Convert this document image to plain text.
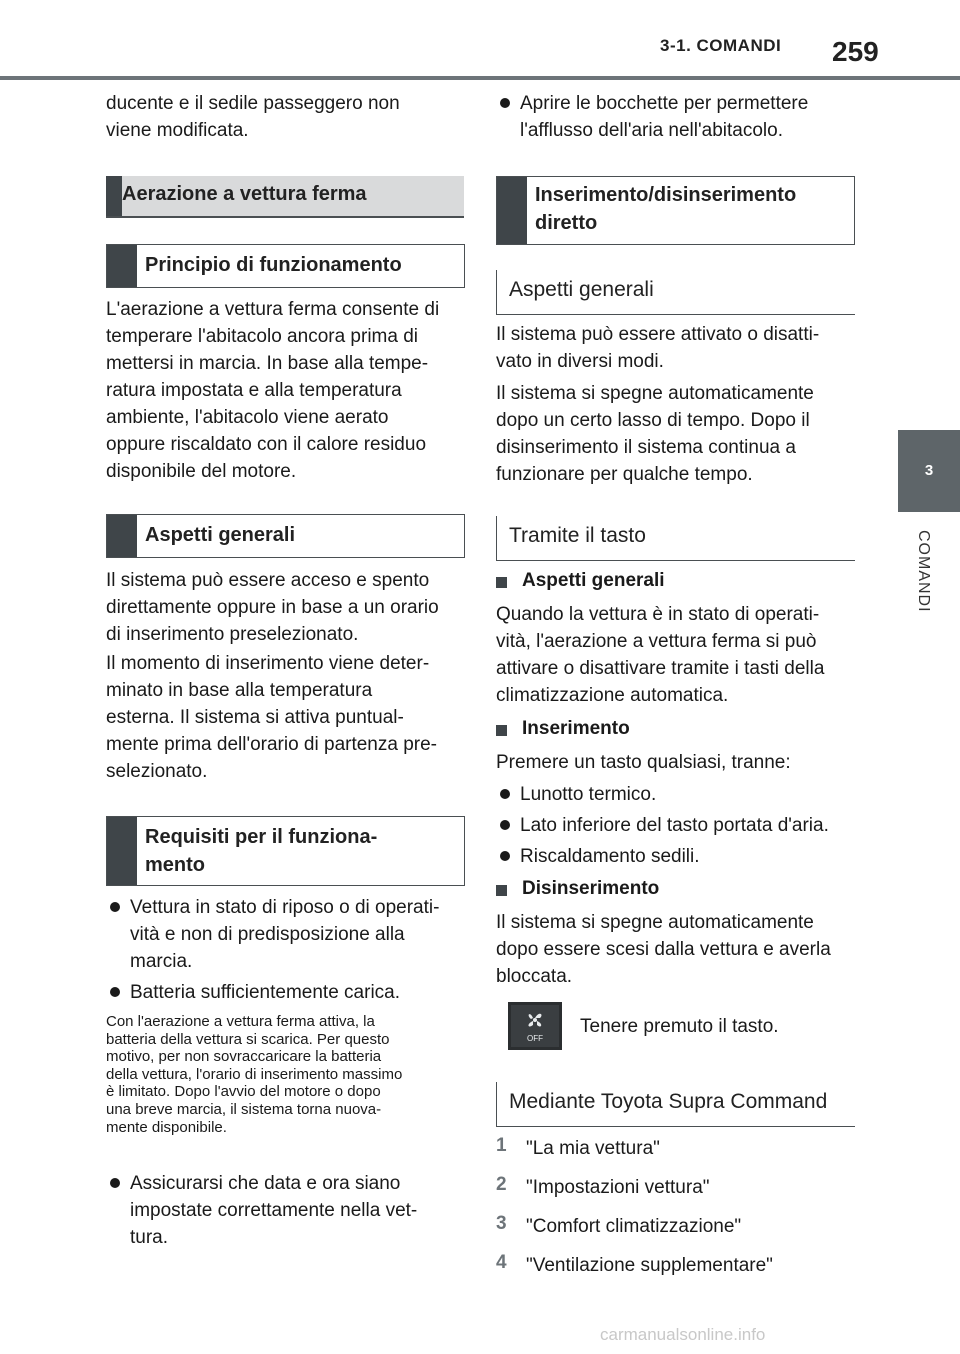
3-1. COMANDI 259
3
COMANDI
ducente e il sedile passeggero non
viene modificata.
Aerazione a vettura ferma
Principio di funzionamento
L'aerazione a vettura ferma consente di
temperare l'abitacolo ancora prima di
mettersi in marcia. In base alla tempe-
ratura impostata e alla temperatura
ambiente, l'abitacolo viene aerato
oppure riscaldato con il calore residuo
disponibile del motore.
Aspetti generali
Il sistema può essere acceso e spento
direttamente oppure in base a un orario
di inserimento preselezionato.
Il momento di inserimento viene deter-
minato in base alla temperatura
esterna. Il sistema si attiva puntual-
mente prima dell'orario di partenza pre-
selezionato.
Requisiti per il funziona-
mento
Vettura in stato di riposo o di operati-
vità e non di predisposizione alla
marcia.
Batteria sufficientemente carica.
Con l'aerazione a vettura ferma attiva, la
batteria della vettura si scarica. Per questo
motivo, per non sovraccaricare la batteria
della vettura, l'orario di inserimento massimo
è limitato. Dopo l'avvio del motore o dopo
una breve marcia, il sistema torna nuova-
mente disponibile.
Assicurarsi che data e ora siano
impostate correttamente nella vet-
tura.
Aprire le bocchette per permettere
l'afflusso dell'aria nell'abitacolo.
Inserimento/disinserimento
diretto
Aspetti generali
Il sistema può essere attivato o disatti-
vato in diversi modi.
Il sistema si spegne automaticamente
dopo un certo lasso di tempo. Dopo il
disinserimento il sistema continua a
funzionare per qualche tempo.
Tramite il tasto
Aspetti generali
Quando la vettura è in stato di operati-
vità, l'aerazione a vettura ferma si può
attivare o disattivare tramite i tasti della
climatizzazione automatica.
Inserimento
Premere un tasto qualsiasi, tranne:
Lunotto termico.
Lato inferiore del tasto portata d'aria.
Riscaldamento sedili.
Disinserimento
Il sistema si spegne automaticamente
dopo essere scesi dalla vettura e averla
bloccata.
OFF
Tenere premuto il tasto.
Mediante Toyota Supra Command
1 "La mia vettura"
2 "Impostazioni vettura"
3 "Comfort climatizzazione"
4 "Ventilazione supplementare"
carmanualsonline.info
